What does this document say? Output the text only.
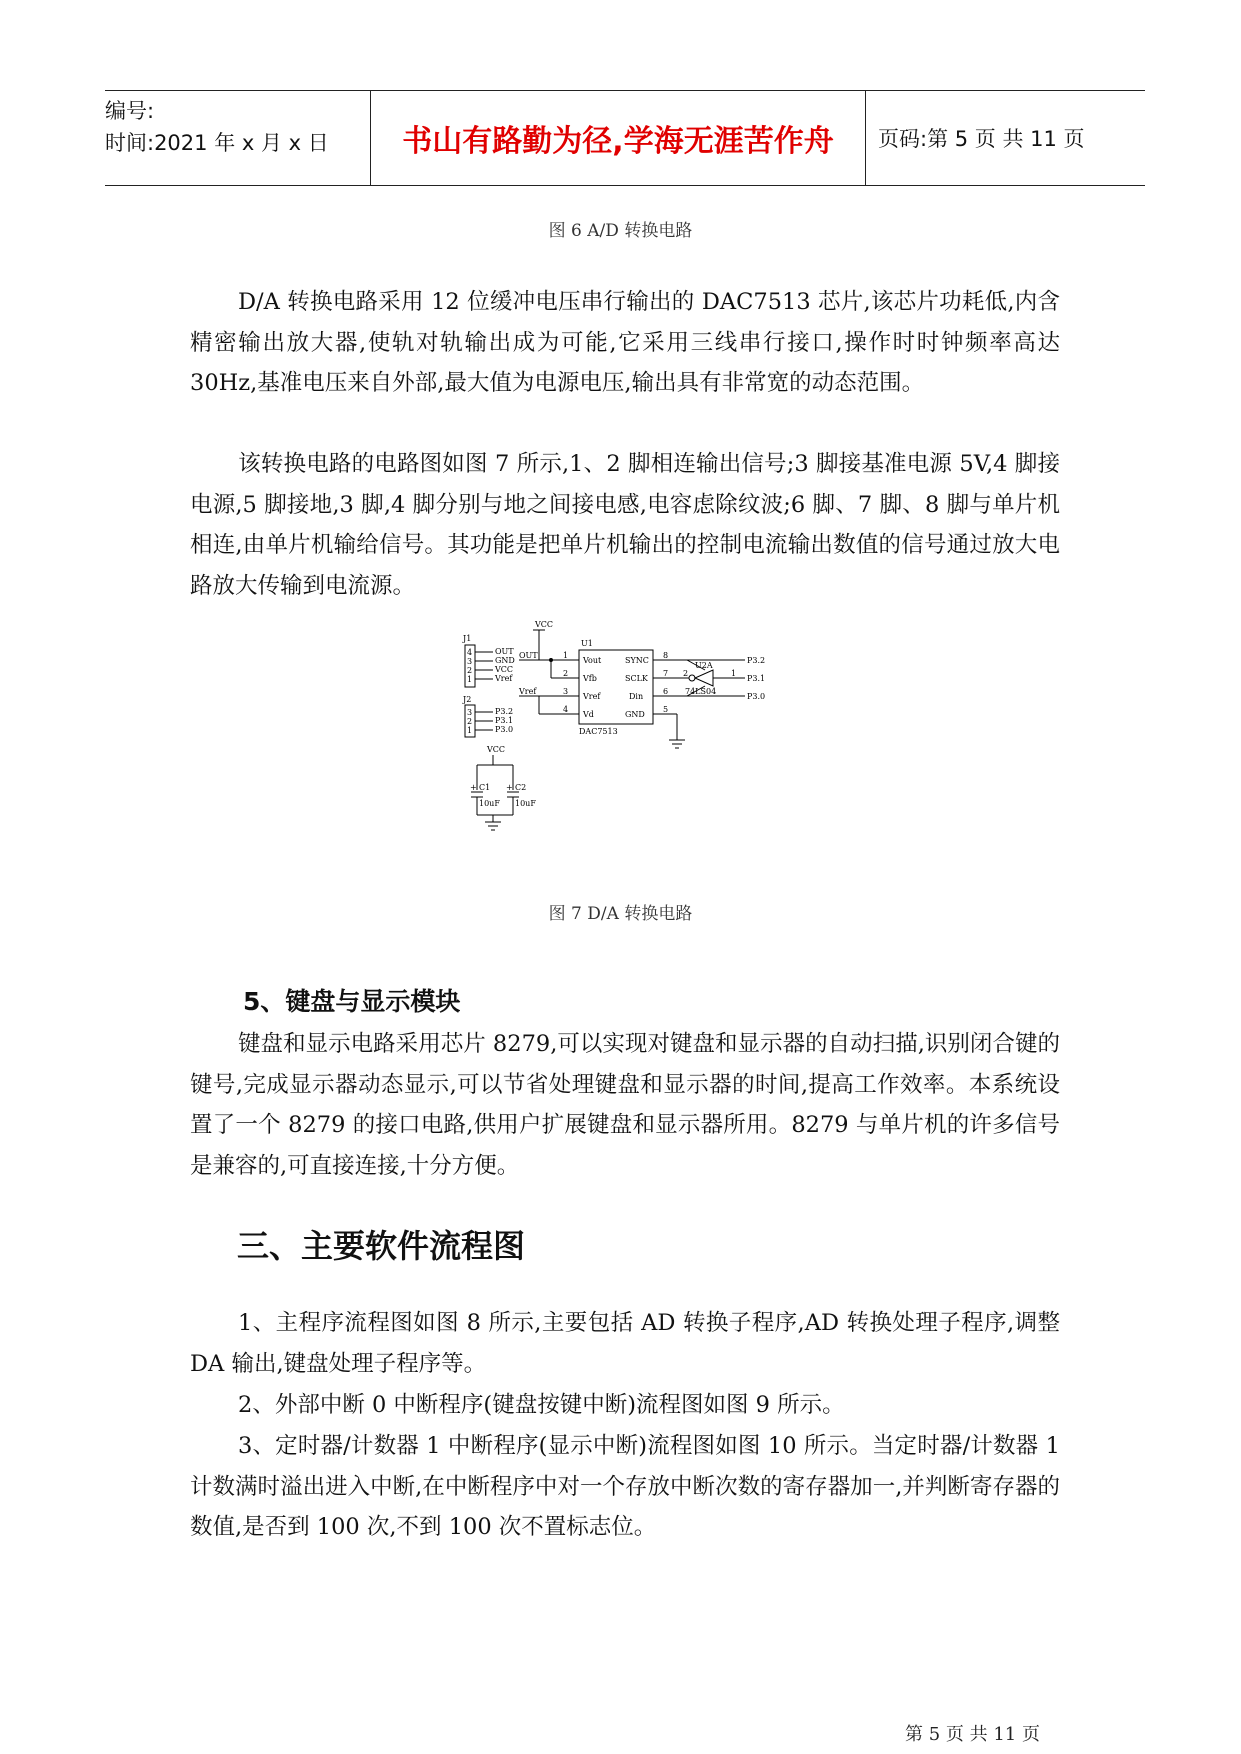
编号:
时间:2021 年 x 月 x 日	书山有路勤为径,学海无涯苦作舟	页码:第 5 页 共 11 页
图 6 A/D 转换电路

D/A 转换电路采用 12 位缓冲电压串行输出的 DAC7513 芯片,该芯片功耗低,内含精密输出放大器,使轨对轨输出成为可能,它采用三线串行接口,操作时时钟频率高达 30Hz,基准电压来自外部,最大值为电源电压,输出具有非常宽的动态范围。

该转换电路的电路图如图 7 所示,1、2 脚相连输出信号;3 脚接基准电源 5V,4 脚接电源,5 脚接地,3 脚,4 脚分别与地之间接电感,电容虑除纹波;6 脚、7 脚、8 脚与单片机相连,由单片机输给信号。其功能是把单片机输出的控制电流输出数值的信号通过放大电路放大传输到电流源。

VCC
OUT
Vref
U1
DAC7513
J1
J2
4
3
2
1
OUT
GND
VCC
Vref
3
2
1
P3.2
P3.1
P3.0
1
2
3
4
Vout
Vfb
Vref
Vd
8
7
6
5
SYNC
SCLK
Din
GND
P3.2
P3.1
P3.0
U2A
74LS04
1
2
VCC
+	+
C1	C2
10uF 10uF
图 7 D/A 转换电路
5、键盘与显示模块

键盘和显示电路采用芯片 8279,可以实现对键盘和显示器的自动扫描,识别闭合键的键号,完成显示器动态显示,可以节省处理键盘和显示器的时间,提高工作效率。本系统设置了一个 8279 的接口电路,供用户扩展键盘和显示器所用。8279 与单片机的许多信号是兼容的,可直接连接,十分方便。

三、主要软件流程图

1、主程序流程图如图 8 所示,主要包括 AD 转换子程序,AD 转换处理子程序,调整 DA 输出,键盘处理子程序等。

2、外部中断 0 中断程序(键盘按键中断)流程图如图 9 所示。

3、定时器/计数器 1 中断程序(显示中断)流程图如图 10 所示。当定时器/计数器 1 计数满时溢出进入中断,在中断程序中对一个存放中断次数的寄存器加一,并判断寄存器的数值,是否到 100 次,不到 100 次不置标志位。

第 5 页 共 11 页
